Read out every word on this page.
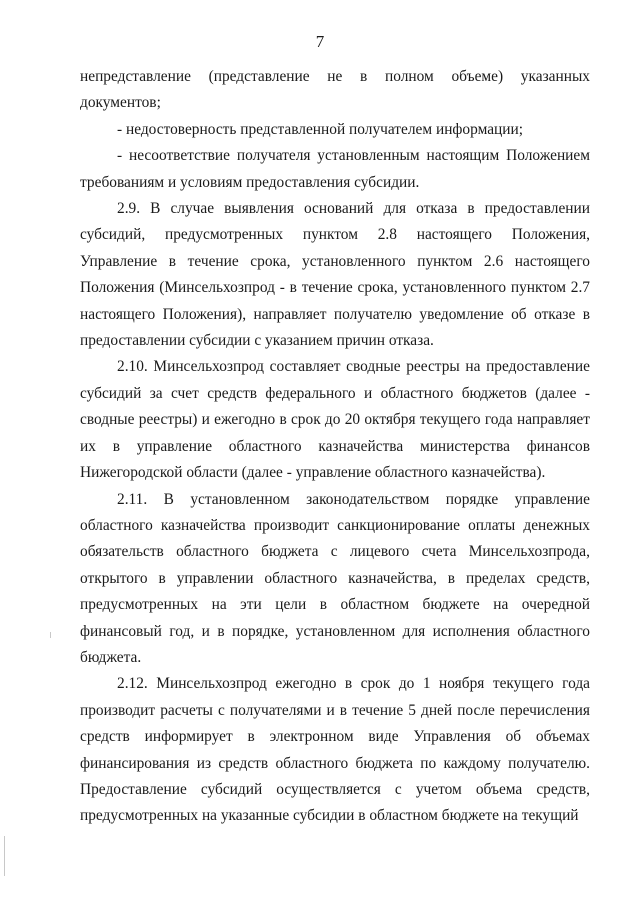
7

непредставление (представление не в полном объеме) указанных документов;

- недостоверность представленной получателем информации;

- несоответствие получателя установленным настоящим Положением требованиям и условиям предоставления субсидии.

2.9. В случае выявления оснований для отказа в предоставлении субсидий, предусмотренных пунктом 2.8 настоящего Положения, Управление в течение срока, установленного пунктом 2.6 настоящего Положения (Минсельхозпрод - в течение срока, установленного пунктом 2.7 настоящего Положения), направляет получателю уведомление об отказе в предоставлении субсидии с указанием причин отказа.

2.10. Минсельхозпрод составляет сводные реестры на предоставление субсидий за счет средств федерального и областного бюджетов (далее - сводные реестры) и ежегодно в срок до 20 октября текущего года направляет их в управление областного казначейства министерства финансов Нижегородской области (далее - управление областного казначейства).

2.11. В установленном законодательством порядке управление областного казначейства производит санкционирование оплаты денежных обязательств областного бюджета с лицевого счета Минсельхозпрода, открытого в управлении областного казначейства, в пределах средств, предусмотренных на эти цели в областном бюджете на очередной финансовый год, и в порядке, установленном для исполнения областного бюджета.

2.12. Минсельхозпрод ежегодно в срок до 1 ноября текущего года производит расчеты с получателями и в течение 5 дней после перечисления средств информирует в электронном виде Управления об объемах финансирования из средств областного бюджета по каждому получателю. Предоставление субсидий осуществляется с учетом объема средств, предусмотренных на указанные субсидии в областном бюджете на текущий
